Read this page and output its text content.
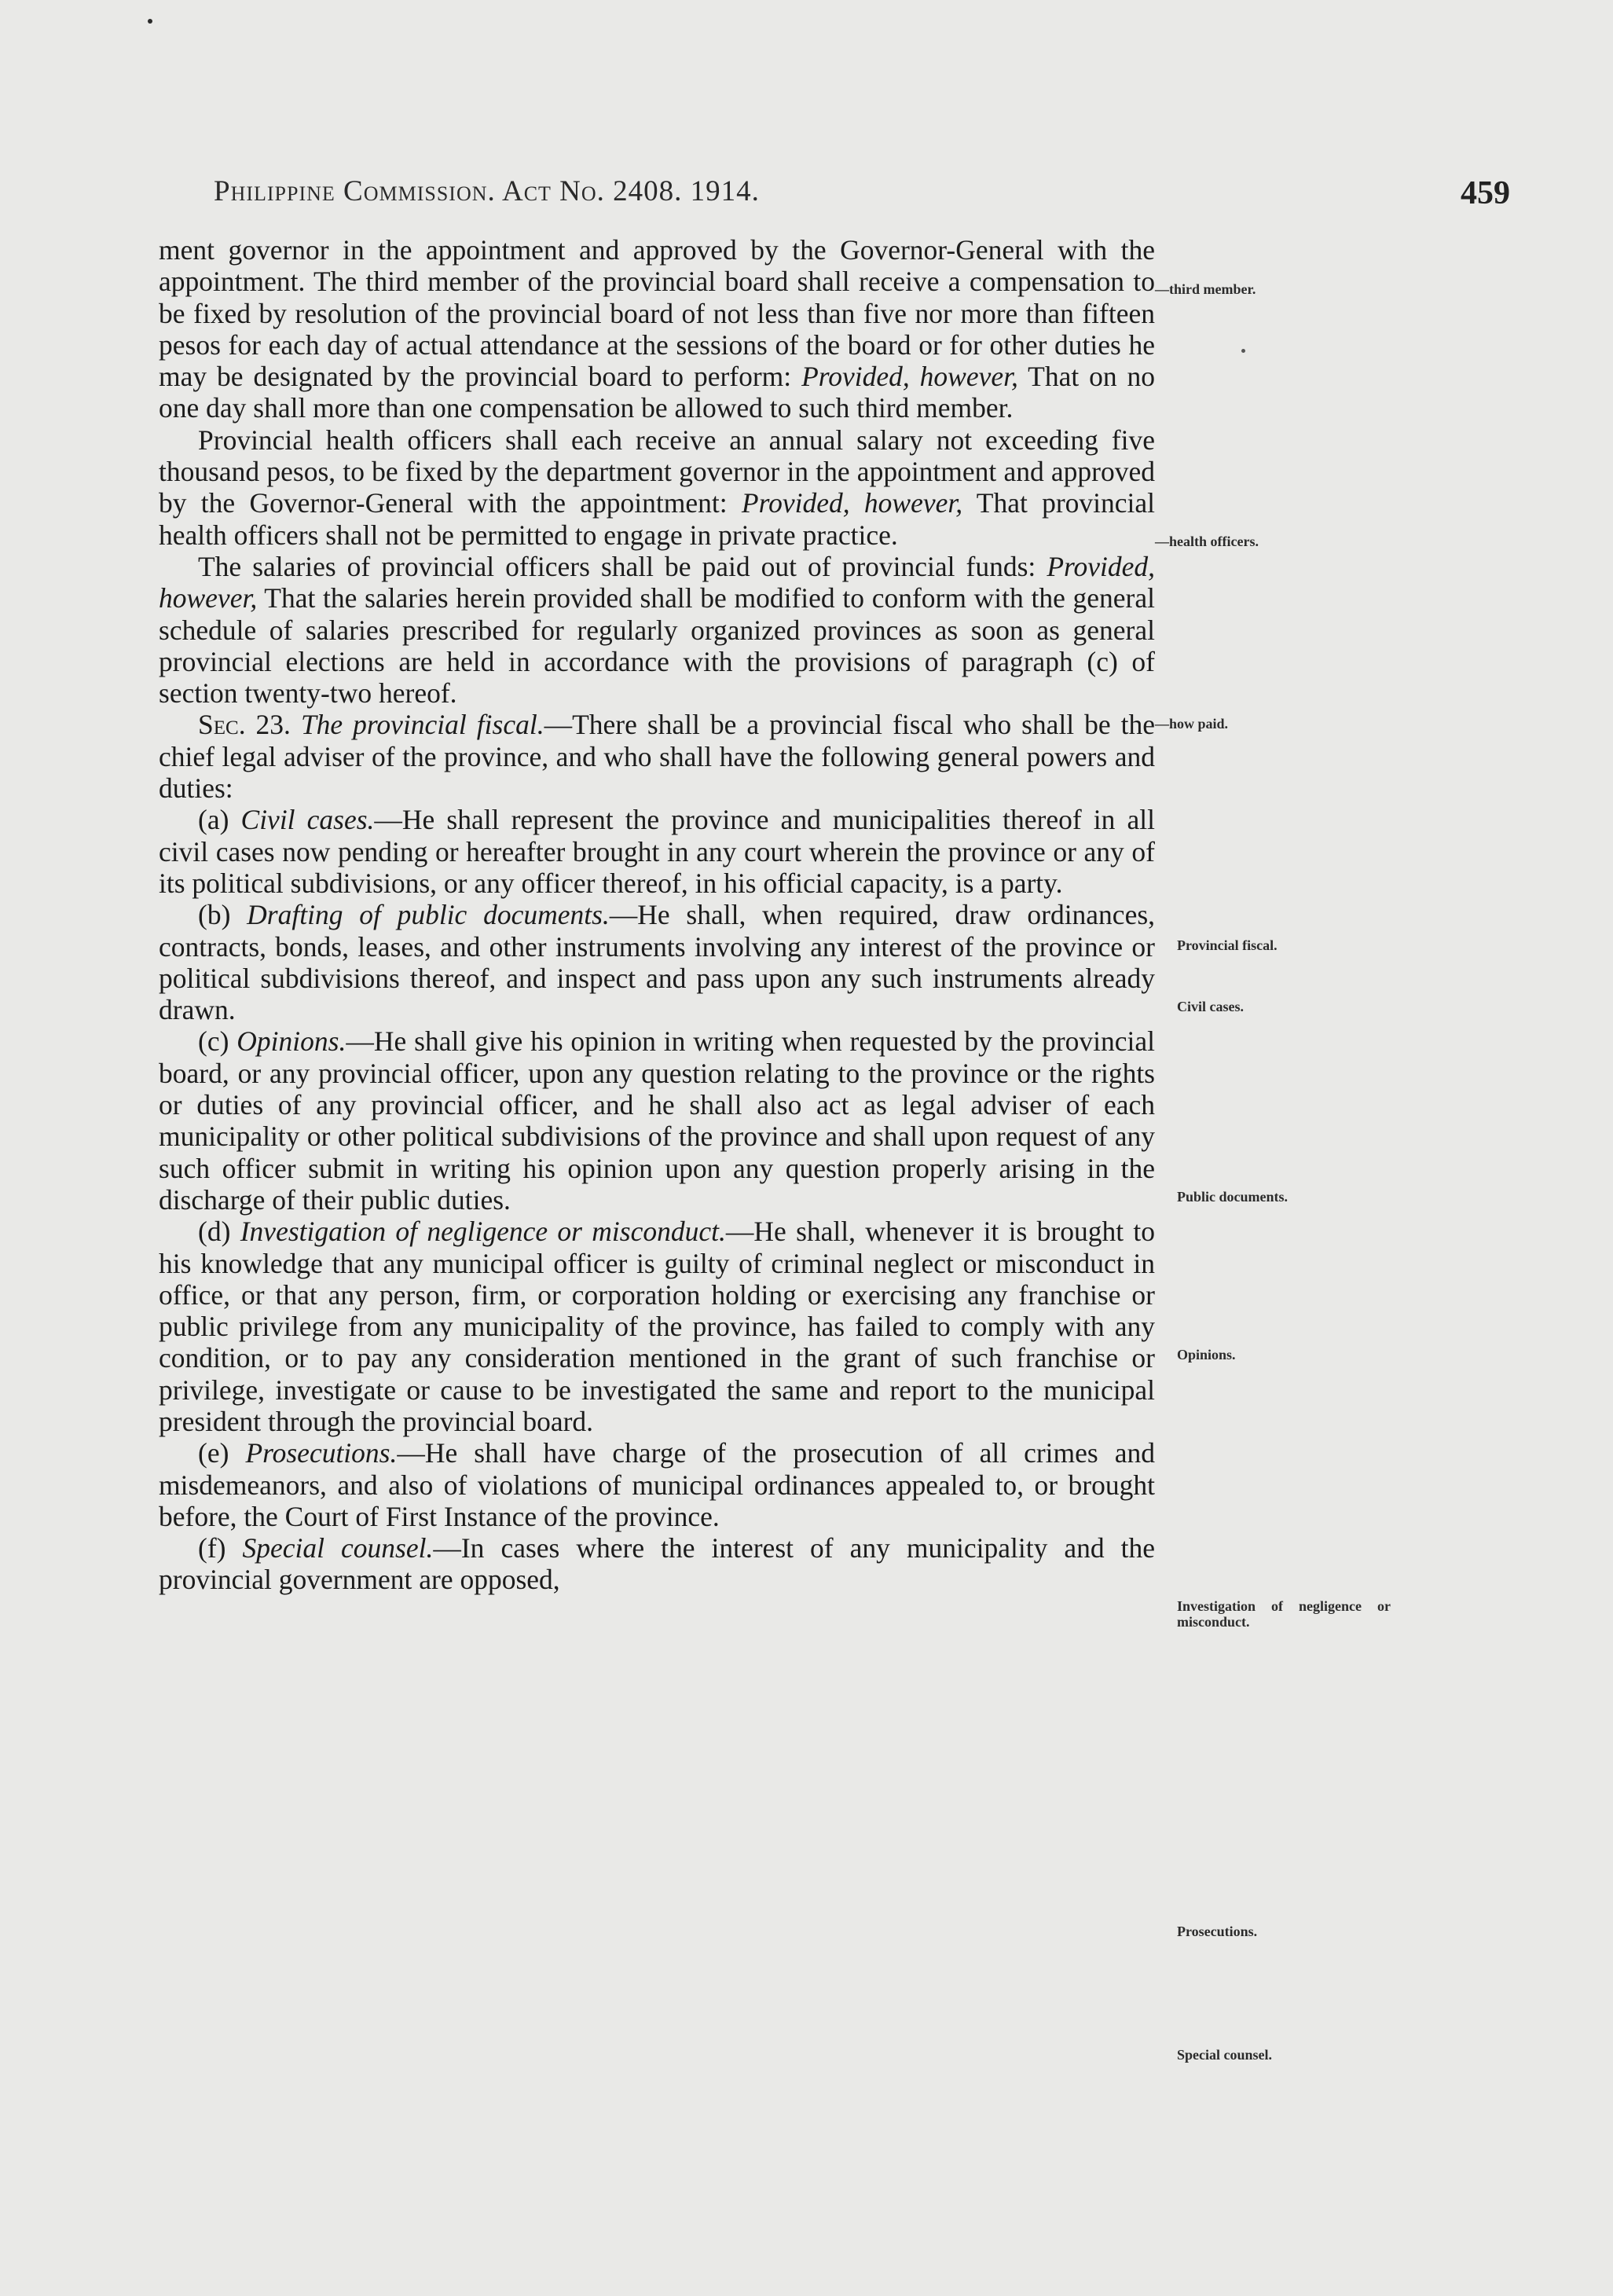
Philippine Commission. Act No. 2408. 1914.	459

ment governor in the appointment and approved by the Governor-General with the appointment. The third member of the provincial board shall receive a compensation to be fixed by resolution of the provincial board of not less than five nor more than fifteen pesos for each day of actual attendance at the sessions of the board or for other duties he may be designated by the provincial board to perform: Provided, however, That on no one day shall more than one compensation be allowed to such third member.

Provincial health officers shall each receive an annual salary not exceeding five thousand pesos, to be fixed by the department governor in the appointment and approved by the Governor-General with the appointment: Provided, however, That provincial health officers shall not be permitted to engage in private practice.

The salaries of provincial officers shall be paid out of provincial funds: Provided, however, That the salaries herein provided shall be modified to conform with the general schedule of salaries prescribed for regularly organized provinces as soon as general provincial elections are held in accordance with the provisions of paragraph (c) of section twenty-two hereof.

Sec. 23. The provincial fiscal.—There shall be a provincial fiscal who shall be the chief legal adviser of the province, and who shall have the following general powers and duties:

(a) Civil cases.—He shall represent the province and municipalities thereof in all civil cases now pending or hereafter brought in any court wherein the province or any of its political subdivisions, or any officer thereof, in his official capacity, is a party.

(b) Drafting of public documents.—He shall, when required, draw ordinances, contracts, bonds, leases, and other instruments involving any interest of the province or political subdivisions thereof, and inspect and pass upon any such instruments already drawn.

(c) Opinions.—He shall give his opinion in writing when requested by the provincial board, or any provincial officer, upon any question relating to the province or the rights or duties of any provincial officer, and he shall also act as legal adviser of each municipality or other political subdivisions of the province and shall upon request of any such officer submit in writing his opinion upon any question properly arising in the discharge of their public duties.

(d) Investigation of negligence or misconduct.—He shall, whenever it is brought to his knowledge that any municipal officer is guilty of criminal neglect or misconduct in office, or that any person, firm, or corporation holding or exercising any franchise or public privilege from any municipality of the province, has failed to comply with any condition, or to pay any consideration mentioned in the grant of such franchise or privilege, investigate or cause to be investigated the same and report to the municipal president through the provincial board.

(e) Prosecutions.—He shall have charge of the prosecution of all crimes and misdemeanors, and also of violations of municipal ordinances appealed to, or brought before, the Court of First Instance of the province.

(f) Special counsel.—In cases where the interest of any municipality and the provincial government are opposed,

—third member.
—health officers.
—how paid.
Provincial fiscal.
Civil cases.
Public documents.
Opinions.
Investigation of negligence or misconduct.
Prosecutions.
Special counsel.
